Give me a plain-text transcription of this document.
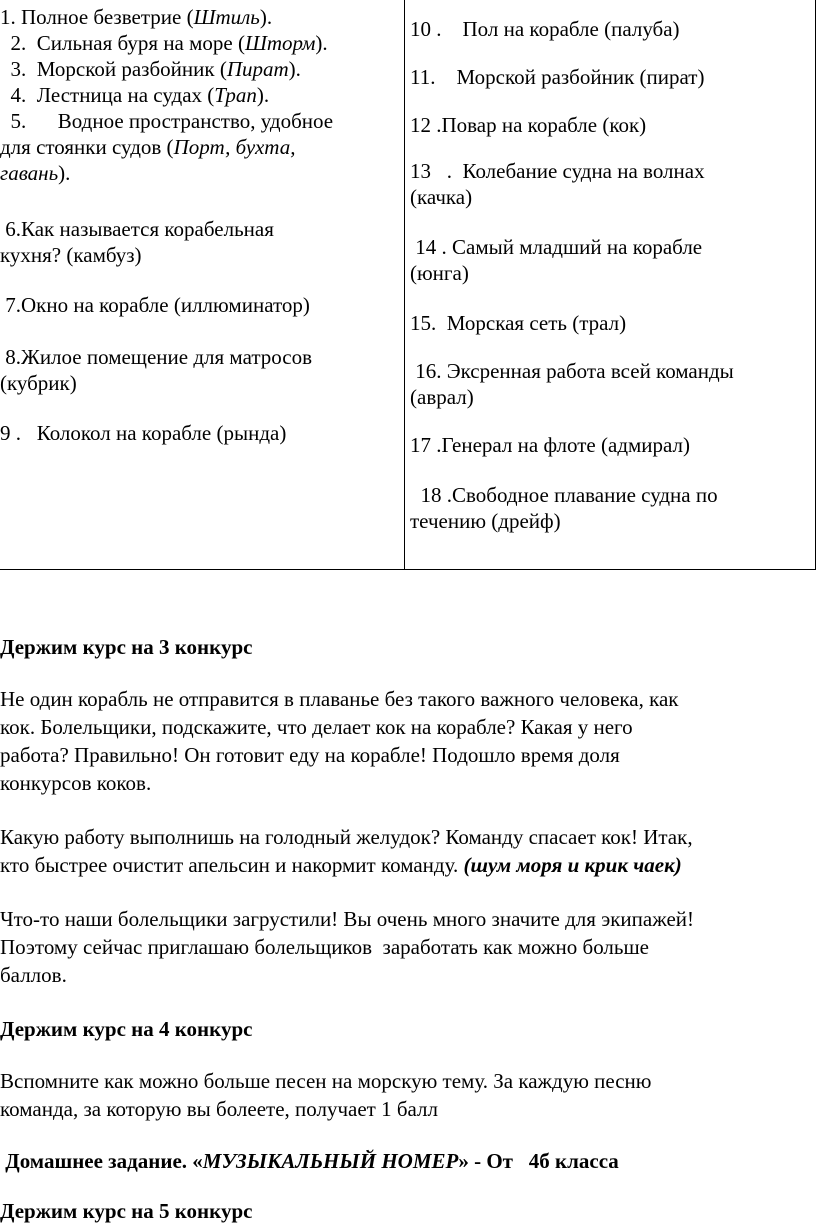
1. Полное безветрие (Штиль).
2.  Сильная буря на море (Шторм).
3.  Морской разбойник (Пират).
4.  Лестница на судах (Трап).
5.      Водное пространство, удобное
для стоянки судов (Порт, бухта,
гавань).
6.Как называется корабельная
кухня? (камбуз)
7.Окно на корабле (иллюминатор)
8.Жилое помещение для матросов
(кубрик)
9 .   Колокол на корабле (рында)
10 .    Пол на корабле (палуба)
11.    Морской разбойник (пират)
12 .Повар на корабле (кок)
13   .  Колебание судна на волнах
(качка)
14 . Самый младший на корабле
(юнга)
15.  Морская сеть (трал)
16. Эксренная работа всей команды
(аврал)
17 .Генерал на флоте (адмирал)
18 .Свободное плавание судна по
течению (дрейф)
Держим курс на 3 конкурс
Не один корабль не отправится в плаванье без такого важного человека, как
кок. Болельщики, подскажите, что делает кок на корабле? Какая у него
работа? Правильно! Он готовит еду на корабле! Подошло время доля
конкурсов коков.
Какую работу выполнишь на голодный желудок? Команду спасает кок! Итак,
кто быстрее очистит апельсин и накормит команду. (шум моря и крик чаек)
Что-то наши болельщики загрустили! Вы очень много значите для экипажей!
Поэтому сейчас приглашаю болельщиков  заработать как можно больше
баллов.
Держим курс на 4 конкурс
Вспомните как можно больше песен на морскую тему. За каждую песню
команда, за которую вы болеете, получает 1 балл
Домашнее задание. «МУЗЫКАЛЬНЫЙ НОМЕР» - От   4б класса
Держим курс на 5 конкурс
